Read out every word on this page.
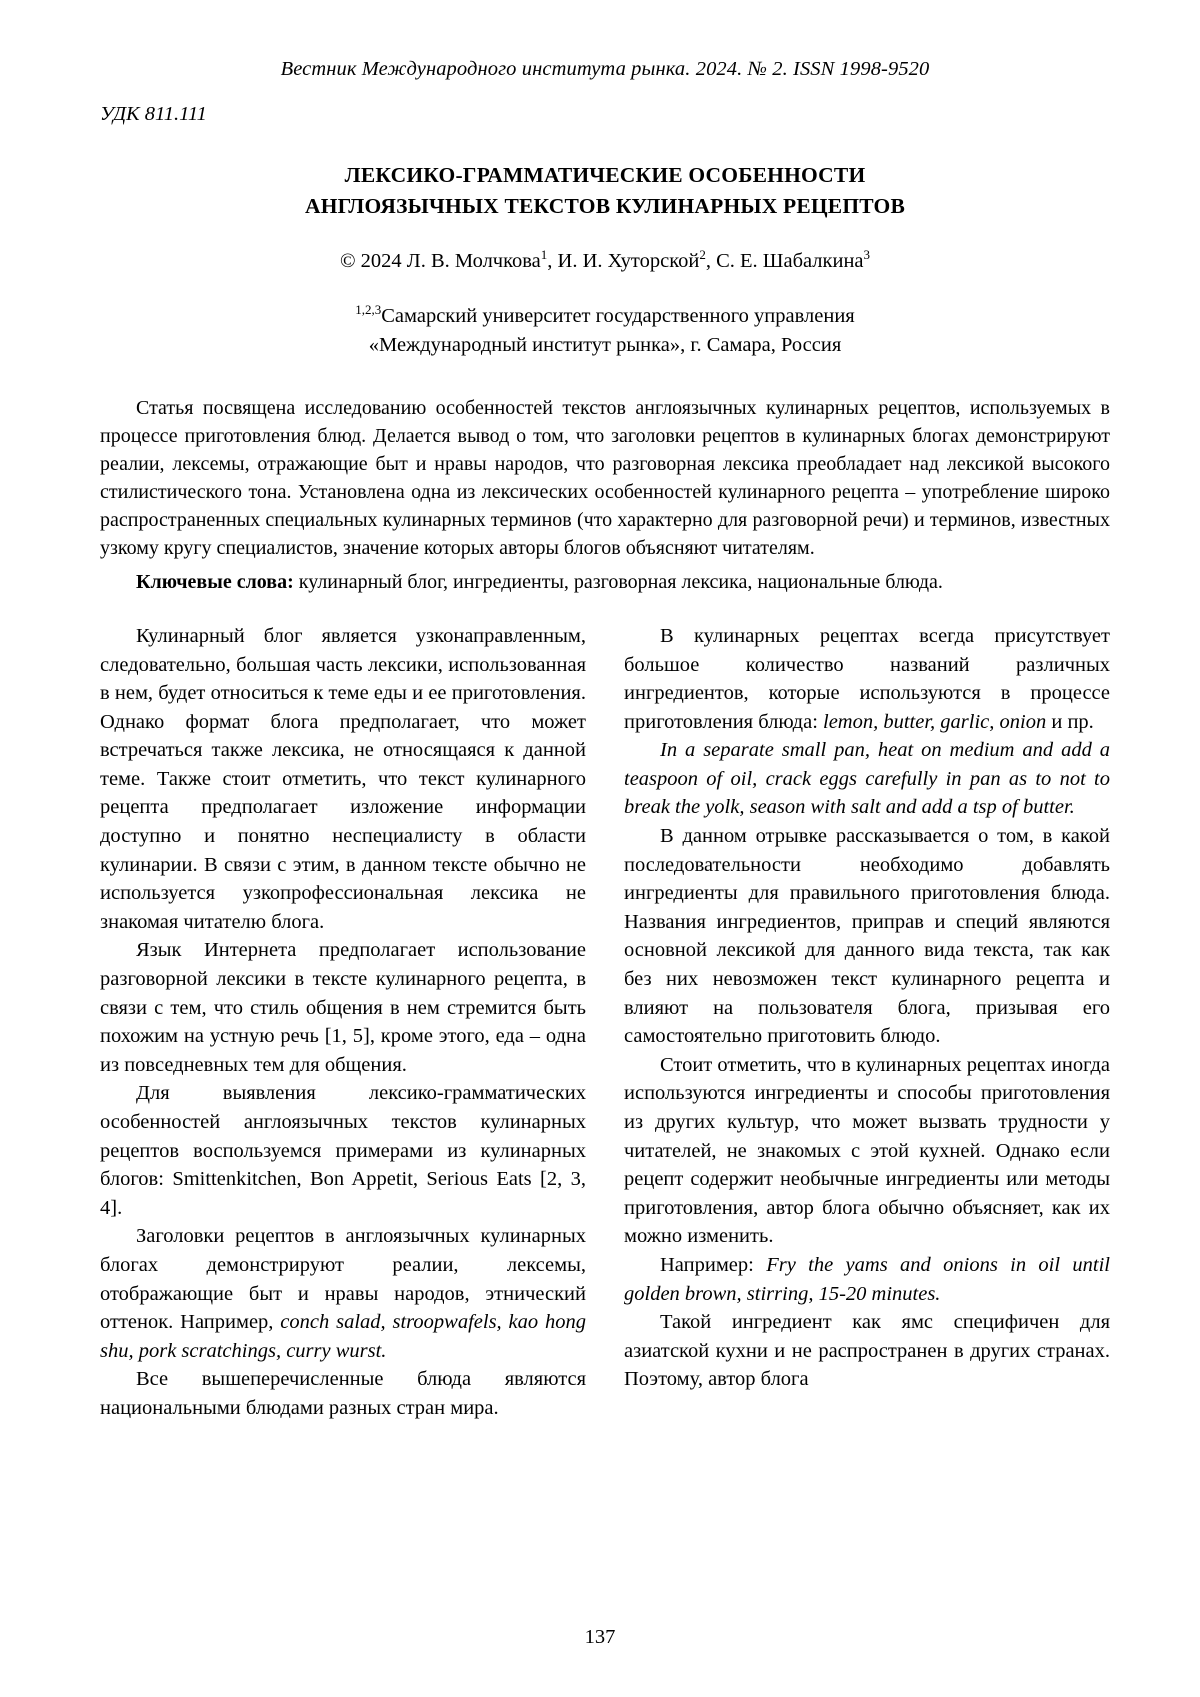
Вестник Международного института рынка. 2024. № 2. ISSN 1998-9520
УДК 811.111
ЛЕКСИКО-ГРАММАТИЧЕСКИЕ ОСОБЕННОСТИ
АНГЛОЯЗЫЧНЫХ ТЕКСТОВ КУЛИНАРНЫХ РЕЦЕПТОВ
© 2024 Л. В. Молчкова$^1$, И. И. Хуторской$^2$, С. Е. Шабалкина$^3$
$^{1,2,3}$Самарский университет государственного управления
«Международный институт рынка», г. Самара, Россия
Статья посвящена исследованию особенностей текстов англоязычных кулинарных рецептов, используемых в процессе приготовления блюд. Делается вывод о том, что заголовки рецептов в кулинарных блогах демонстрируют реалии, лексемы, отражающие быт и нравы народов, что разговорная лексика преобладает над лексикой высокого стилистического тона. Установлена одна из лексических особенностей кулинарного рецепта – употребление широко распространенных специальных кулинарных терминов (что характерно для разговорной речи) и терминов, известных узкому кругу специалистов, значение которых авторы блогов объясняют читателям.
Ключевые слова: кулинарный блог, ингредиенты, разговорная лексика, национальные блюда.

Кулинарный блог является узконаправленным, следовательно, большая часть лексики, использованная в нем, будет относиться к теме еды и ее приготовления. Однако формат блога предполагает, что может встречаться также лексика, не относящаяся к данной теме. Также стоит отметить, что текст кулинарного рецепта предполагает изложение информации доступно и понятно неспециалисту в области кулинарии. В связи с этим, в данном тексте обычно не используется узкопрофессиональная лексика не знакомая читателю блога.

Язык Интернета предполагает использование разговорной лексики в тексте кулинарного рецепта, в связи с тем, что стиль общения в нем стремится быть похожим на устную речь [1, 5], кроме этого, еда – одна из повседневных тем для общения.

Для выявления лексико-грамматических особенностей англоязычных текстов кулинарных рецептов воспользуемся примерами из кулинарных блогов: Smittenkitchen, Bon Appetit, Serious Eats [2, 3, 4].

Заголовки рецептов в англоязычных кулинарных блогах демонстрируют реалии, лексемы, отображающие быт и нравы народов, этнический оттенок. Например, conch salad, stroopwafels, kao hong shu, pork scratchings, curry wurst.

Все вышеперечисленные блюда являются национальными блюдами разных стран мира.

В кулинарных рецептах всегда присутствует большое количество названий различных ингредиентов, которые используются в процессе приготовления блюда: lemon, butter, garlic, onion и пр.

In a separate small pan, heat on medium and add a teaspoon of oil, crack eggs carefully in pan as to not to break the yolk, season with salt and add a tsp of butter.

В данном отрывке рассказывается о том, в какой последовательности необходимо добавлять ингредиенты для правильного приготовления блюда. Названия ингредиентов, приправ и специй являются основной лексикой для данного вида текста, так как без них невозможен текст кулинарного рецепта и влияют на пользователя блога, призывая его самостоятельно приготовить блюдо.

Стоит отметить, что в кулинарных рецептах иногда используются ингредиенты и способы приготовления из других культур, что может вызвать трудности у читателей, не знакомых с этой кухней. Однако если рецепт содержит необычные ингредиенты или методы приготовления, автор блога обычно объясняет, как их можно изменить.

Например: Fry the yams and onions in oil until golden brown, stirring, 15-20 minutes.

Такой ингредиент как ямс специфичен для азиатской кухни и не распространен в других странах. Поэтому, автор блога

137
